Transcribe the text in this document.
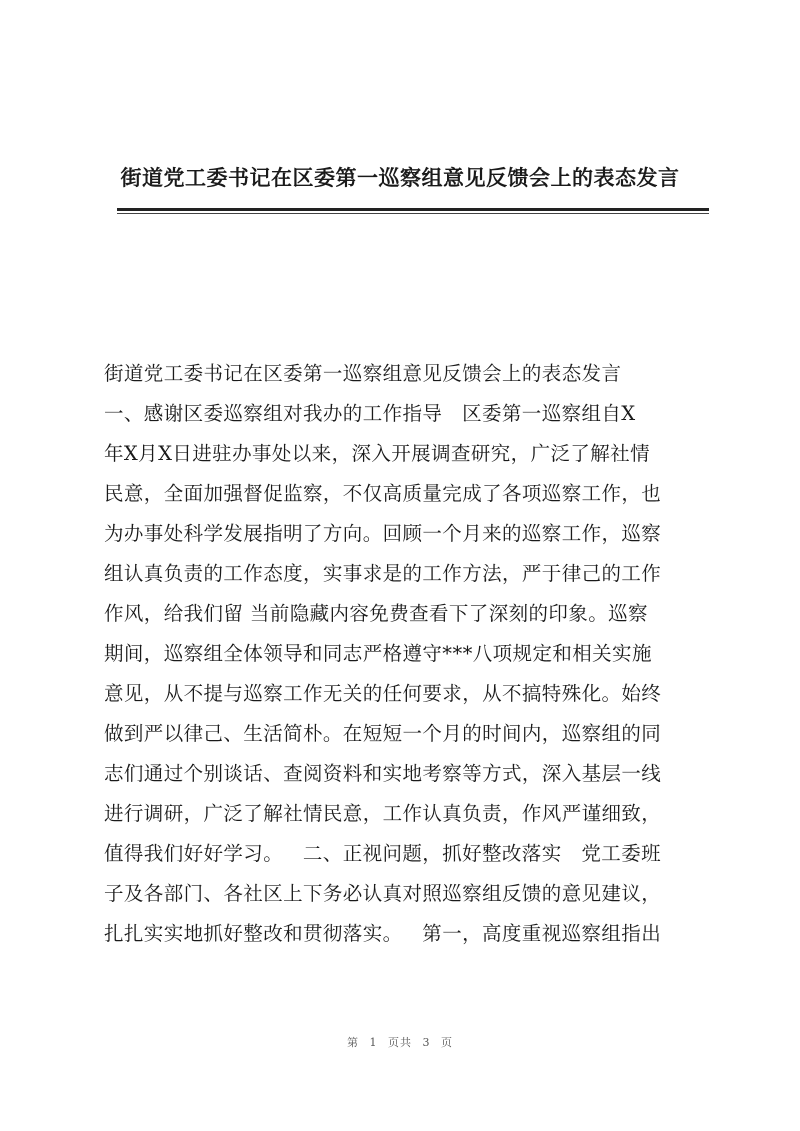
街道党工委书记在区委第一巡察组意见反馈会上的表态发言
街道党工委书记在区委第一巡察组意见反馈会上的表态发言
一、感谢区委巡察组对我办的工作指导   区委第一巡察组自X
年X月X日进驻办事处以来，深入开展调查研究，广泛了解社情
民意，全面加强督促监察，不仅高质量完成了各项巡察工作，也
为办事处科学发展指明了方向。回顾一个月来的巡察工作，巡察
组认真负责的工作态度，实事求是的工作方法，严于律己的工作
作风，给我们留 当前隐藏内容免费查看下了深刻的印象。巡察
期间，巡察组全体领导和同志严格遵守***八项规定和相关实施
意见，从不提与巡察工作无关的任何要求，从不搞特殊化。始终
做到严以律己、生活简朴。在短短一个月的时间内，巡察组的同
志们通过个别谈话、查阅资料和实地考察等方式，深入基层一线
进行调研，广泛了解社情民意，工作认真负责，作风严谨细致，
值得我们好好学习。   二、正视问题，抓好整改落实   党工委班
子及各部门、各社区上下务必认真对照巡察组反馈的意见建议，
扎扎实实地抓好整改和贯彻落实。   第一，高度重视巡察组指出
第 1 页共 3 页
